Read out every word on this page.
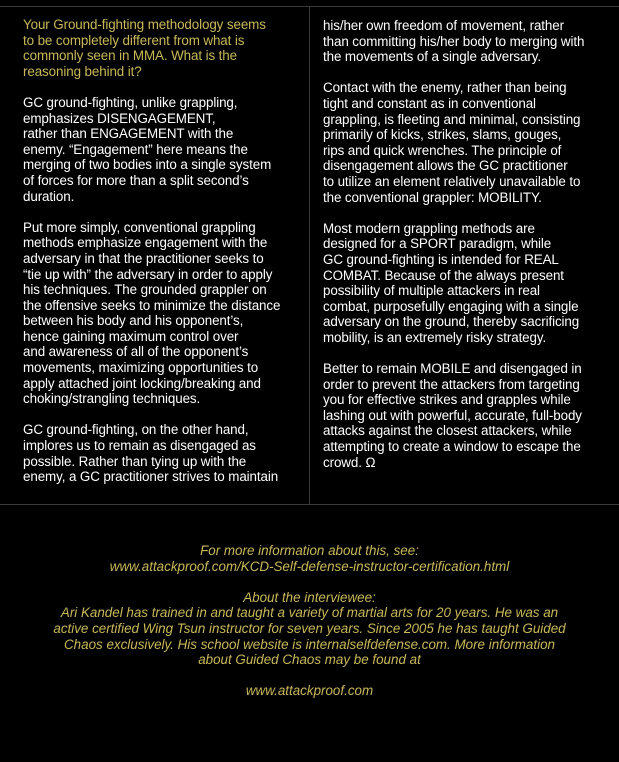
Your Ground-fighting methodology seems
to be completely different from what is
commonly seen in MMA. What is the
reasoning behind it?

GC ground-fighting, unlike grappling,
emphasizes DISENGAGEMENT,
rather than ENGAGEMENT with the
enemy. “Engagement” here means the
merging of two bodies into a single system
of forces for more than a split second’s
duration.

Put more simply, conventional grappling
methods emphasize engagement with the
adversary in that the practitioner seeks to
“tie up with” the adversary in order to apply
his techniques. The grounded grappler on
the offensive seeks to minimize the distance
between his body and his opponent’s,
hence gaining maximum control over
and awareness of all of the opponent’s
movements, maximizing opportunities to
apply attached joint locking/breaking and
choking/strangling techniques.

GC ground-fighting, on the other hand,
implores us to remain as disengaged as
possible. Rather than tying up with the
enemy, a GC practitioner strives to maintain

his/her own freedom of movement, rather
than committing his/her body to merging with
the movements of a single adversary.

Contact with the enemy, rather than being
tight and constant as in conventional
grappling, is fleeting and minimal, consisting
primarily of kicks, strikes, slams, gouges,
rips and quick wrenches. The principle of
disengagement allows the GC practitioner
to utilize an element relatively unavailable to
the conventional grappler: MOBILITY.

Most modern grappling methods are
designed for a SPORT paradigm, while
GC ground-fighting is intended for REAL
COMBAT. Because of the always present
possibility of multiple attackers in real
combat, purposefully engaging with a single
adversary on the ground, thereby sacrificing
mobility, is an extremely risky strategy.

Better to remain MOBILE and disengaged in
order to prevent the attackers from targeting
you for effective strikes and grapples while
lashing out with powerful, accurate, full-body
attacks against the closest attackers, while
attempting to create a window to escape the
crowd. Ω

For more information about this, see:
www.attackproof.com/KCD-Self-defense-instructor-certification.html

About the interviewee:
Ari Kandel has trained in and taught a variety of martial arts for 20 years. He was an
active certified Wing Tsun instructor for seven years. Since 2005 he has taught Guided
Chaos exclusively. His school website is internalselfdefense.com. More information
about Guided Chaos may be found at

www.attackproof.com
